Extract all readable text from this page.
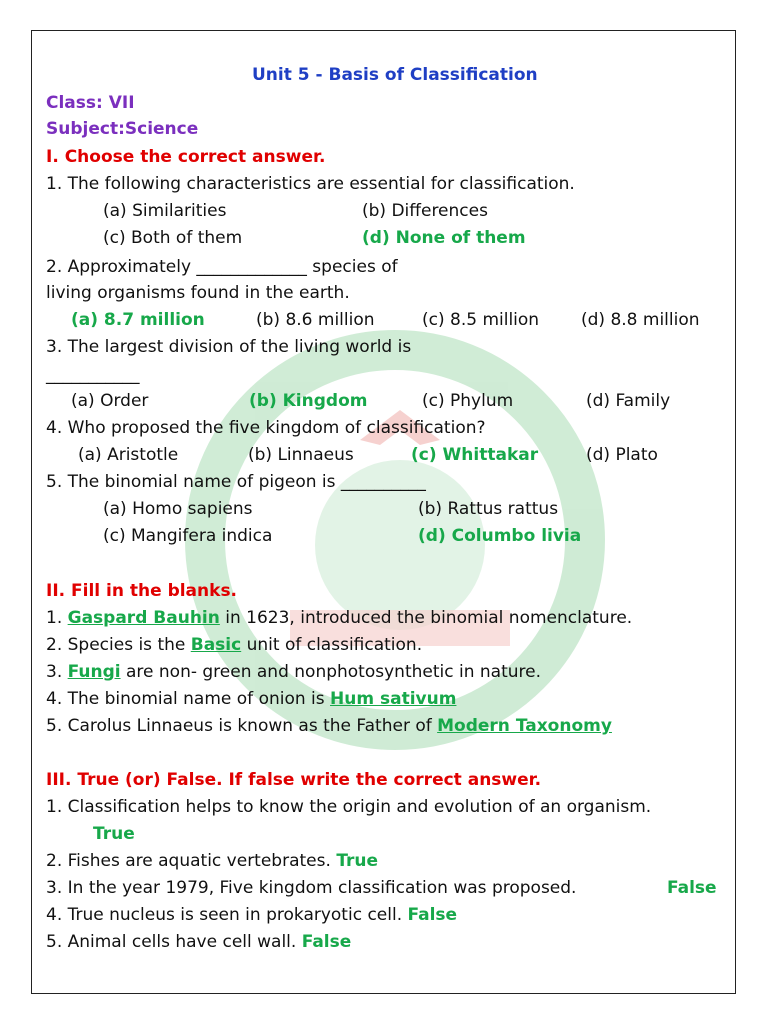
Unit 5 - Basis of Classification
Class: VII
Subject:Science
I. Choose the correct answer.
1. The following characteristics are essential for classification.
(a) Similarities	(b) Differences
(c) Both of them	(d) None of them
2. Approximately _____________ species of
living organisms found in the earth.
(a) 8.7 million	(b) 8.6 million	(c) 8.5 million (d) 8.8 million
3. The largest division of the living world is
___________
(a) Order	(b) Kingdom	(c) Phylum	(d) Family
4. Who proposed the five kingdom of classification?
(a) Aristotle	(b) Linnaeus	(c) Whittakar	(d) Plato
5. The binomial name of pigeon is __________
(a) Homo sapiens	(b) Rattus rattus
(c) Mangifera indica	(d) Columbo livia
II. Fill in the blanks.
1. Gaspard Bauhin in 1623, introduced the binomial nomenclature.
2. Species is the Basic unit of classification.
3. Fungi are non- green and nonphotosynthetic in nature.
4. The binomial name of onion is Hum sativum
5. Carolus Linnaeus is known as the Father of Modern Taxonomy
III. True (or) False. If false write the correct answer.
1. Classification helps to know the origin and evolution of an organism.
True
2. Fishes are aquatic vertebrates. True
3. In the year 1979, Five kingdom classification was proposed.	False
4. True nucleus is seen in prokaryotic cell. False
5. Animal cells have cell wall. False
